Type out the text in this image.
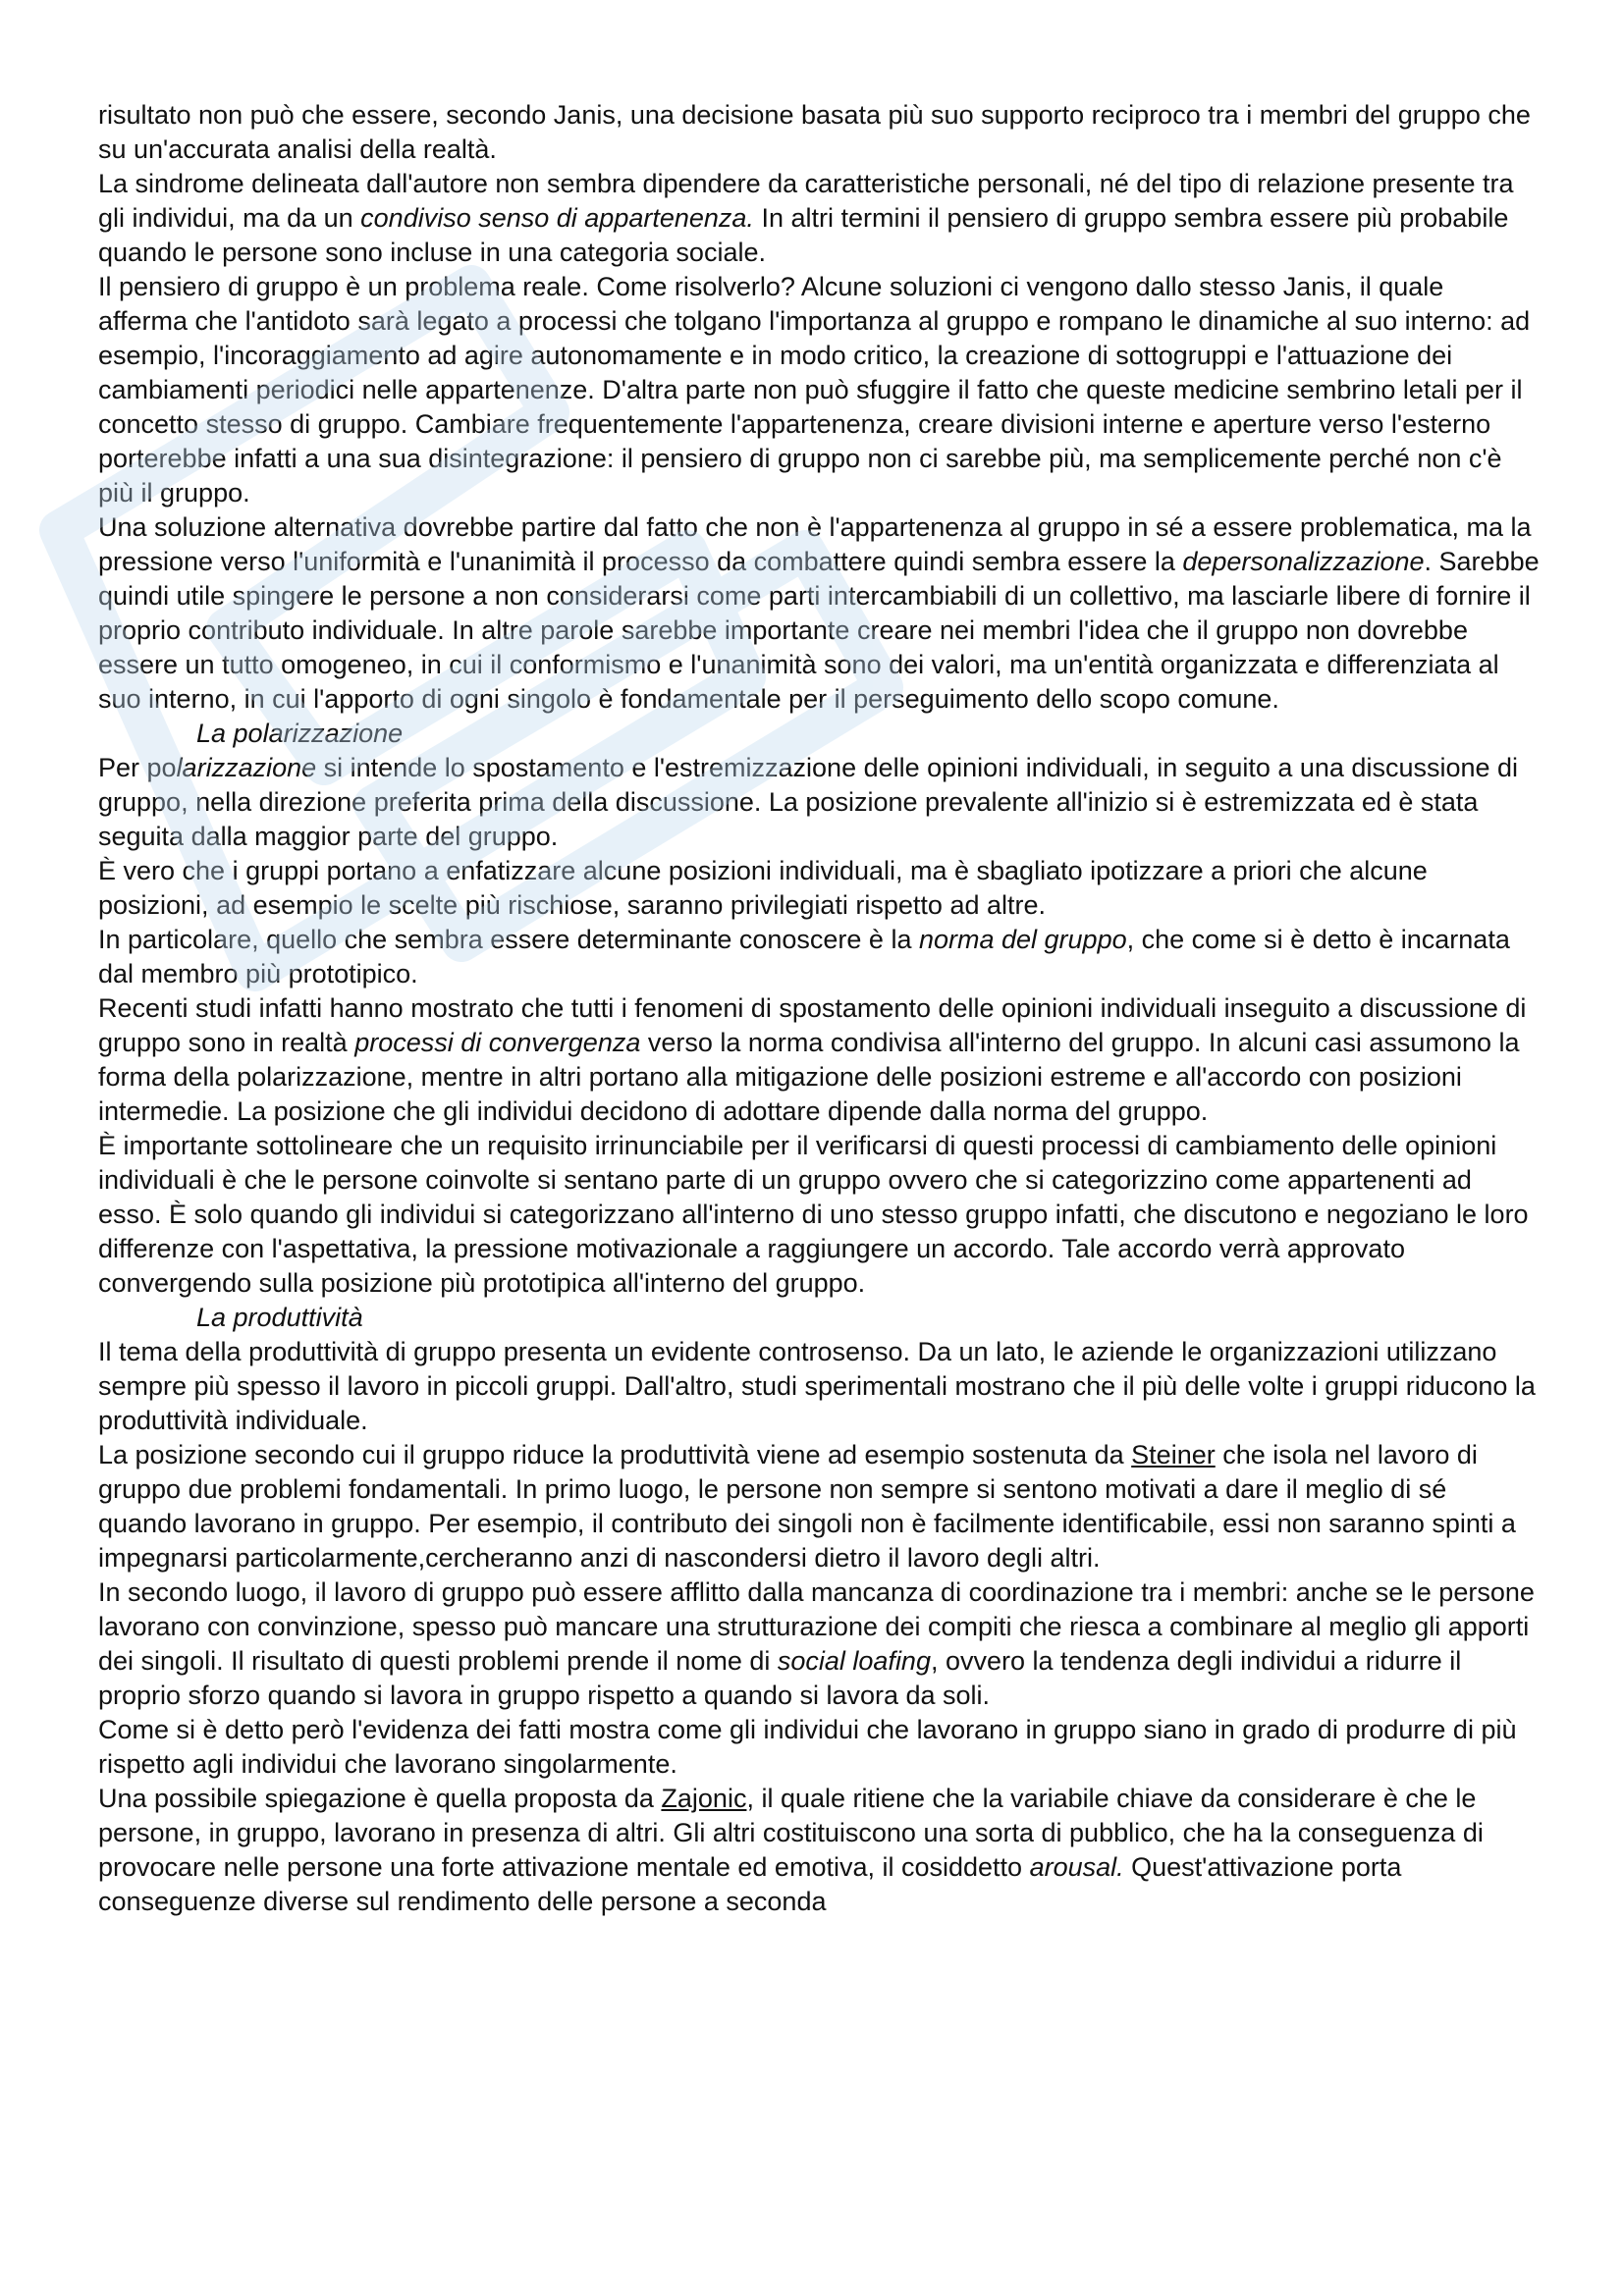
risultato non può che essere, secondo Janis, una decisione basata più suo supporto reciproco tra i membri del gruppo che su un'accurata analisi della realtà.

La sindrome delineata dall'autore non sembra dipendere da caratteristiche personali, né del tipo di relazione presente tra gli individui, ma da un condiviso senso di appartenenza. In altri termini il pensiero di gruppo sembra essere più probabile quando le persone sono incluse in una categoria sociale.

Il pensiero di gruppo è un problema reale. Come risolverlo? Alcune soluzioni ci vengono dallo stesso Janis, il quale afferma che l'antidoto sarà legato a processi che tolgano l'importanza al gruppo e rompano le dinamiche al suo interno: ad esempio, l'incoraggiamento ad agire autonomamente e in modo critico, la creazione di sottogruppi e l'attuazione dei cambiamenti periodici nelle appartenenze. D'altra parte non può sfuggire il fatto che queste medicine sembrino letali per il concetto stesso di gruppo. Cambiare frequentemente l'appartenenza, creare divisioni interne e aperture verso l'esterno porterebbe infatti a una sua disintegrazione: il pensiero di gruppo non ci sarebbe più, ma semplicemente perché non c'è più il gruppo.

Una soluzione alternativa dovrebbe partire dal fatto che non è l'appartenenza al gruppo in sé a essere problematica, ma la pressione verso l'uniformità e l'unanimità il processo da combattere quindi sembra essere la depersonalizzazione. Sarebbe quindi utile spingere le persone a non considerarsi come parti intercambiabili di un collettivo, ma lasciarle libere di fornire il proprio contributo individuale. In altre parole sarebbe importante creare nei membri l'idea che il gruppo non dovrebbe essere un tutto omogeneo, in cui il conformismo e l'unanimità sono dei valori, ma un'entità organizzata e differenziata al suo interno, in cui l'apporto di ogni singolo è fondamentale per il perseguimento dello scopo comune.

La polarizzazione

Per polarizzazione si intende lo spostamento e l'estremizzazione delle opinioni individuali, in seguito a una discussione di gruppo, nella direzione preferita prima della discussione. La posizione prevalente all'inizio si è estremizzata ed è stata seguita dalla maggior parte del gruppo.

È vero che i gruppi portano a enfatizzare alcune posizioni individuali, ma è sbagliato ipotizzare a priori che alcune posizioni, ad esempio le scelte più rischiose, saranno privilegiati rispetto ad altre.

In particolare, quello che sembra essere determinante conoscere è la norma del gruppo, che come si è detto è incarnata dal membro più prototipico.

Recenti studi infatti hanno mostrato che tutti i fenomeni di spostamento delle opinioni individuali inseguito a discussione di gruppo sono in realtà processi di convergenza verso la norma condivisa all'interno del gruppo. In alcuni casi assumono la forma della polarizzazione, mentre in altri portano alla mitigazione delle posizioni estreme e all'accordo con posizioni intermedie. La posizione che gli individui decidono di adottare dipende dalla norma del gruppo.

È importante sottolineare che un requisito irrinunciabile per il verificarsi di questi processi di cambiamento delle opinioni individuali è che le persone coinvolte si sentano parte di un gruppo ovvero che si categorizzino come appartenenti ad esso. È solo quando gli individui si categorizzano all'interno di uno stesso gruppo infatti, che discutono e negoziano le loro differenze con l'aspettativa, la pressione motivazionale a raggiungere un accordo. Tale accordo verrà approvato convergendo sulla posizione più prototipica all'interno del gruppo.

La produttività

Il tema della produttività di gruppo presenta un evidente controsenso. Da un lato, le aziende le organizzazioni utilizzano sempre più spesso il lavoro in piccoli gruppi. Dall'altro, studi sperimentali mostrano che il più delle volte i gruppi riducono la produttività individuale.

La posizione secondo cui il gruppo riduce la produttività viene ad esempio sostenuta da Steiner che isola nel lavoro di gruppo due problemi fondamentali. In primo luogo, le persone non sempre si sentono motivati a dare il meglio di sé quando lavorano in gruppo. Per esempio, il contributo dei singoli non è facilmente identificabile, essi non saranno spinti a impegnarsi particolarmente,cercheranno anzi di nascondersi dietro il lavoro degli altri.

In secondo luogo, il lavoro di gruppo può essere afflitto dalla mancanza di coordinazione tra i membri: anche se le persone lavorano con convinzione, spesso può mancare una strutturazione dei compiti che riesca a combinare al meglio gli apporti dei singoli. Il risultato di questi problemi prende il nome di social loafing, ovvero la tendenza degli individui a ridurre il proprio sforzo quando si lavora in gruppo rispetto a quando si lavora da soli.

Come si è detto però l'evidenza dei fatti mostra come gli individui che lavorano in gruppo siano in grado di produrre di più rispetto agli individui che lavorano singolarmente.

Una possibile spiegazione è quella proposta da Zajonic, il quale ritiene che la variabile chiave da considerare è che le persone, in gruppo, lavorano in presenza di altri. Gli altri costituiscono una sorta di pubblico, che ha la conseguenza di provocare nelle persone una forte attivazione mentale ed emotiva, il cosiddetto arousal. Quest'attivazione porta conseguenze diverse sul rendimento delle persone a seconda
